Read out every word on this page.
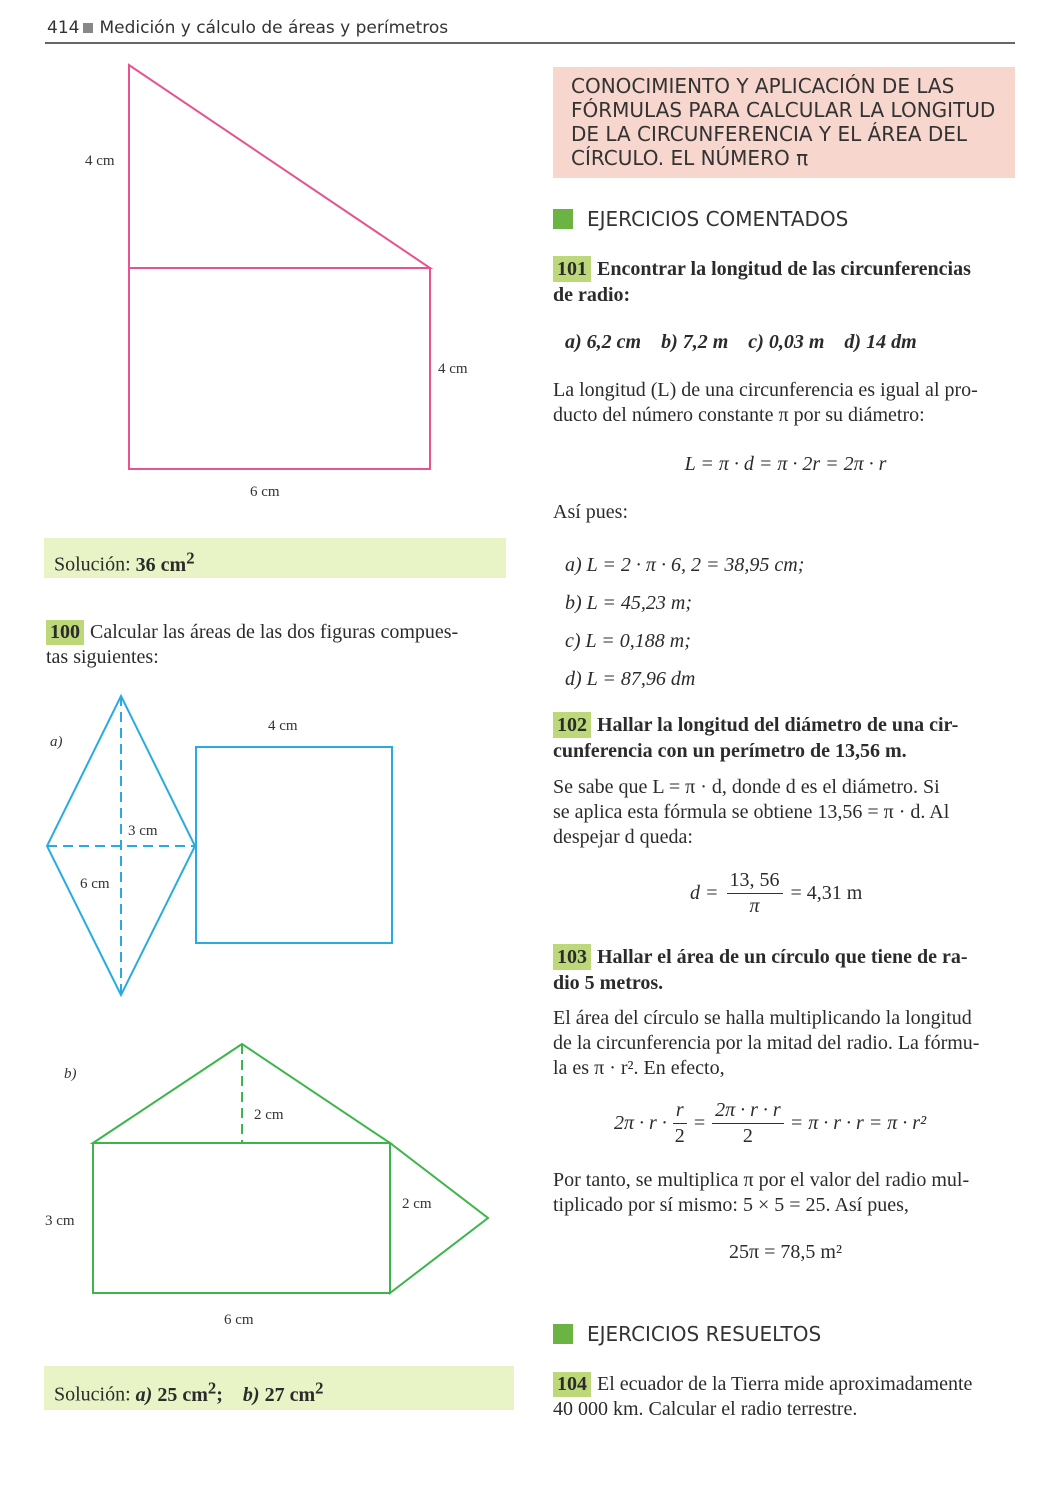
414 Medición y cálculo de áreas y perímetros
4 cm
4 cm
6 cm
Solución: 36 $cm^2$
100 Calcular las áreas de las dos figuras compues-
tas siguientes:
a)
4 cm
3 cm
6 cm
b)
2 cm
3 cm
2 cm
6 cm
Solución: a) 25 $cm^2$; b) 27 $cm^2$
CONOCIMIENTO Y APLICACIÓN DE LAS
FÓRMULAS PARA CALCULAR LA LONGITUD
DE LA CIRCUNFERENCIA Y EL ÁREA DEL
CÍRCULO. EL NÚMERO π
EJERCICIOS COMENTADOS
101 Encontrar la longitud de las circunferencias
de radio:
a) 6,2 cm    b) 7,2 m    c) 0,03 m    d) 14 dm
La longitud (L) de una circunferencia es igual al pro-
ducto del número constante π por su diámetro:
L = π · d = π · 2r = 2π · r
Así pues:
a) L = 2 · π · 6, 2 = 38,95 cm;
b) L = 45,23 m;
c) L = 0,188 m;
d) L = 87,96 dm
102 Hallar la longitud del diámetro de una cir-
cunferencia con un perímetro de 13,56 m.
Se sabe que L = π · d, donde d es el diámetro. Si
se aplica esta fórmula se obtiene 13,56 = π · d. Al
despejar d queda:
$d = \frac{13, 56}{\pi} = 4,31$ m
103 Hallar el área de un círculo que tiene de ra-
dio 5 metros.
El área del círculo se halla multiplicando la longitud
de la circunferencia por la mitad del radio. La fórmu-
la es π · r². En efecto,
$2\pi \cdot r \cdot \frac{r}{2} = \frac{2\pi \cdot r \cdot r}{2} = \pi \cdot r \cdot r = \pi \cdot r^2$
Por tanto, se multiplica π por el valor del radio mul-
tiplicado por sí mismo: 5 × 5 = 25. Así pues,
25π = 78,5 m²
EJERCICIOS RESUELTOS
104 El ecuador de la Tierra mide aproximadamente
40 000 km. Calcular el radio terrestre.
